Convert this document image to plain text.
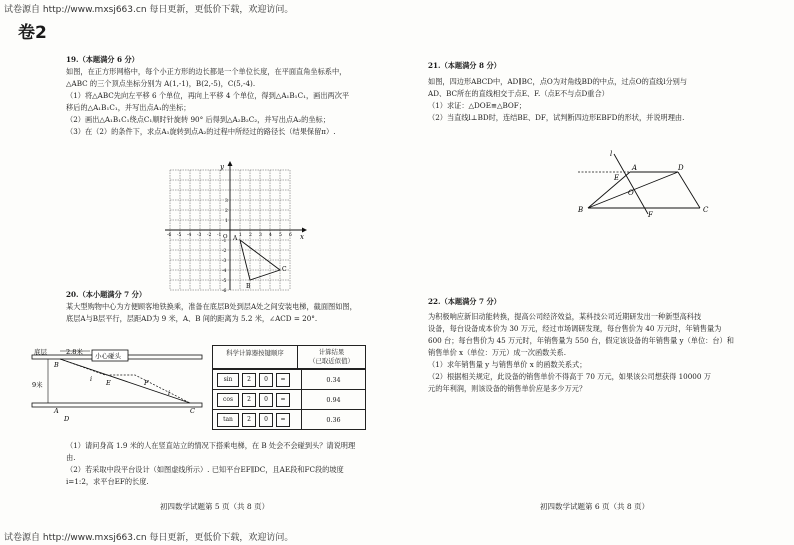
试卷源自 http://www.mxsj663.cn 每日更新，更低价下载，欢迎访问。
卷2

19.（本题满分 6 分）

如图，在正方形网格中，每个小正方形的边长都是一个单位长度，在平面直角坐标系中，

△ABC 的三个顶点坐标分别为 A(1,-1)，B(2,-5)，C(5,-4).

（1）将△ABC先向左平移 6 个单位，再向上平移 4 个单位，得到△A₁B₁C₁，画出两次平

移后的△A₁B₁C₁，并写出点A₁的坐标；

（2）画出△A₁B₁C₁绕点C₁顺时针旋转 90° 后得到△A₂B₂C₂，并写出点A₂的坐标；

（3）在（2）的条件下，求点A₁旋转到点A₂的过程中所经过的路径长（结果保留π）.

y
x
O
-6 -5 -4 -3 -2 -1	1 2 3 4 5 6
3
2
1
-1
-2
-3
-4
-5
-6
A
B
C

20.（本小题满分 7 分）

某大型购物中心为方便顾客地铁换乘，准备在底层B处到层A处之间安装电梯，截面图如图，

底层A与B层平行，层距AD为 9 米，A、B 间的距离为 5.2 米，∠ACD = 20°.

2.8米 小心碰头
底层
9米
B
A
E	F
i
i
C
D
科学计算器按键顺序	计算结果
（已取近似值）
sin	2	0	=	0.34
cos	2	0	=	0.94
tan	2	0	=	0.36

（1）请问身高 1.9 米的人在竖直站立的情况下搭乘电梯，在 B 处会不会碰到头？请说明理

由.

（2）若采取中段平台设计（如图虚线所示）. 已知平台EF∥DC，且AE段和FC段的坡度

i=1:2，求平台EF的长度.

初四数学试题第 5 页（共 8 页）

21.（本题满分 8 分）

如图，四边形ABCD中，AD∥BC，点O为对角线BD的中点，过点O的直线l分别与

AD、BC所在的直线相交于点E、F.（点E不与点D重合）

（1）求证：△DOE≌△BOF；

（2）当直线l⊥BD时，连结BE、DF，试判断四边形EBFD的形状，并说明理由.

l
A	D
E
O
B
F
C

22.（本题满分 7 分）

为积极响应新旧动能转换，提高公司经济效益，某科技公司近期研发出一种新型高科技

设备，每台设备成本价为 30 万元，经过市场调研发现，每台售价为 40 万元时，年销售量为

600 台；每台售价为 45 万元时，年销售量为 550 台，假定该设备的年销售量 y（单位：台）和

销售单价 x（单位：万元）成一次函数关系.

（1）求年销售量 y 与销售单价 x 的函数关系式；

（2）根据相关规定，此设备的销售单价不得高于 70 万元，如果该公司想获得 10000 万

元的年利润，则该设备的销售单价应是多少万元？

初四数学试题第 6 页（共 8 页）
试卷源自 http://www.mxsj663.cn 每日更新，更低价下载，欢迎访问。
